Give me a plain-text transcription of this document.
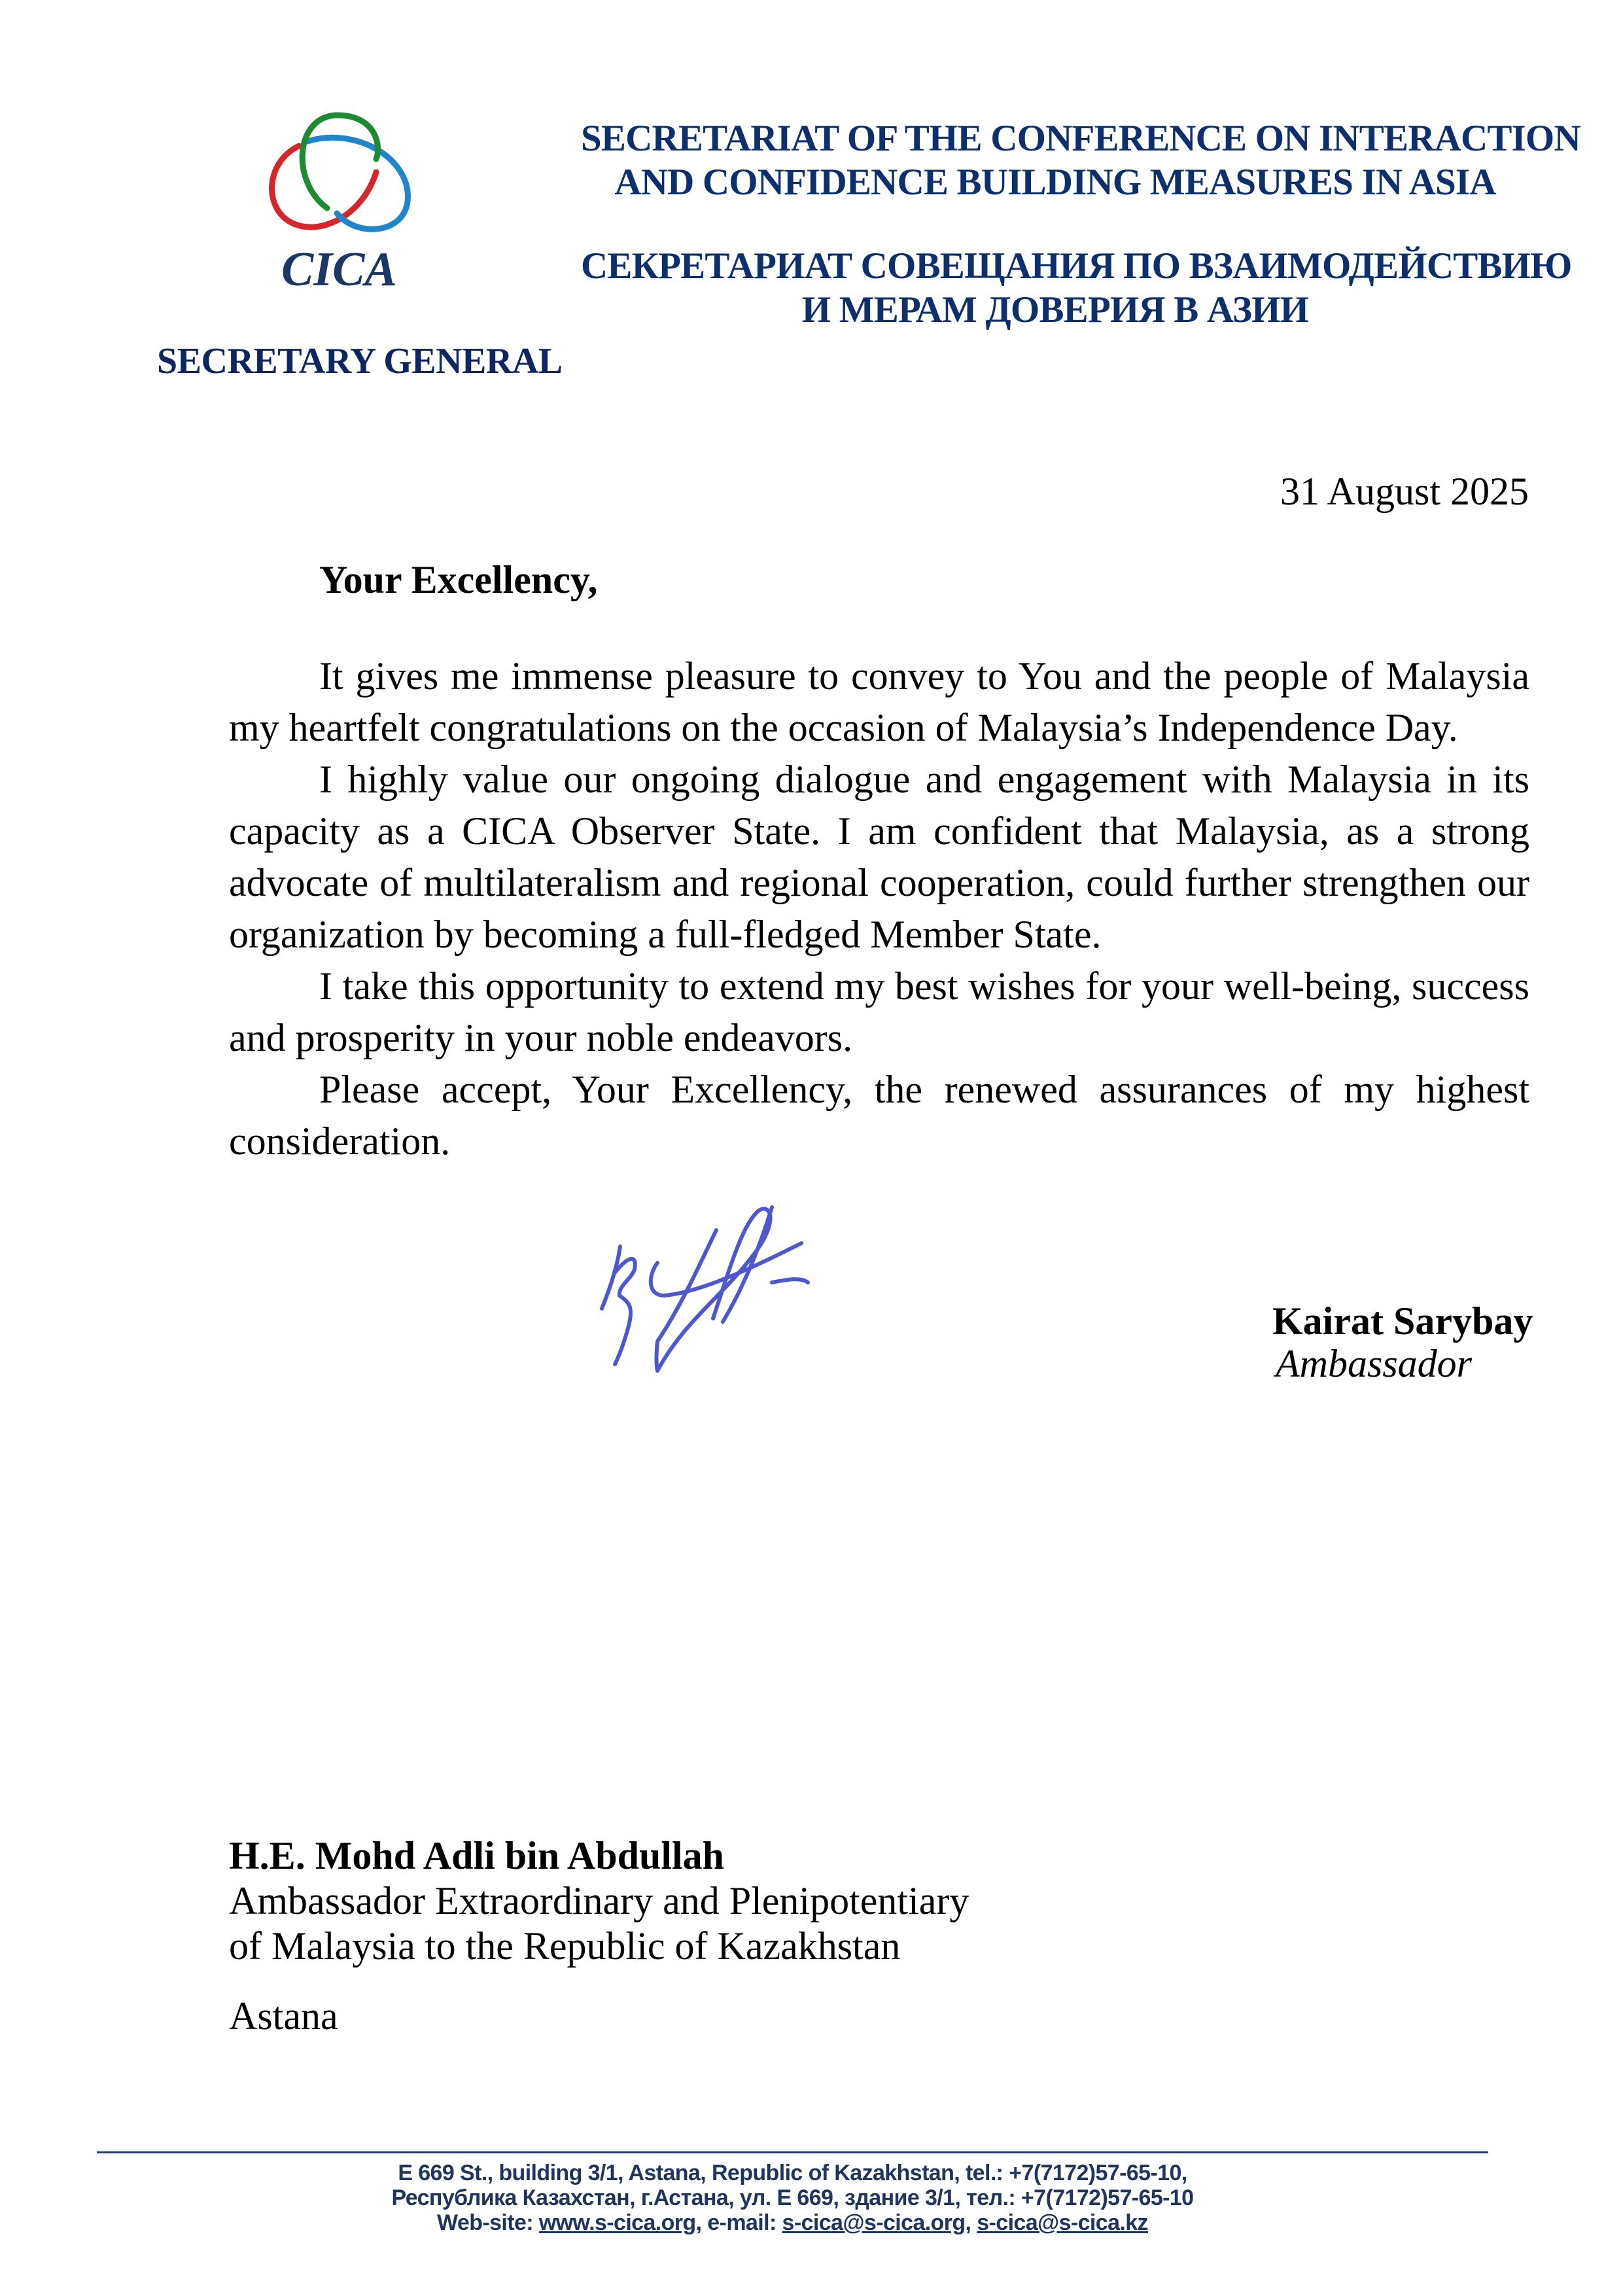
CICA
SECRETARY GENERAL
SECRETARIAT OF THE CONFERENCE ON INTERACTION
AND CONFIDENCE BUILDING MEASURES IN ASIA
СЕКРЕТАРИАТ СОВЕЩАНИЯ ПО ВЗАИМОДЕЙСТВИЮ
И МЕРАМ ДОВЕРИЯ В АЗИИ
31 August 2025
Your Excellency,

It gives me immense pleasure to convey to You and the people of Malaysia my heartfelt congratulations on the occasion of Malaysia’s Independence Day.

I highly value our ongoing dialogue and engagement with Malaysia in its capacity as a CICA Observer State. I am confident that Malaysia, as a strong advocate of multilateralism and regional cooperation, could further strengthen our organization by becoming a full-fledged Member State.

I take this opportunity to extend my best wishes for your well-being, success and prosperity in your noble endeavors.

Please accept, Your Excellency, the renewed assurances of my highest consideration.

Kairat Sarybay
Ambassador
H.E. Mohd Adli bin Abdullah
Ambassador Extraordinary and Plenipotentiary
of Malaysia to the Republic of Kazakhstan
Astana
E 669 St., building 3/1, Astana, Republic of Kazakhstan, tel.: +7(7172)57-65-10,
Республика Казахстан, г.Астана, ул. Е 669, здание 3/1, тел.: +7(7172)57-65-10
Web-site: www.s-cica.org, e-mail: s-cica@s-cica.org, s-cica@s-cica.kz
